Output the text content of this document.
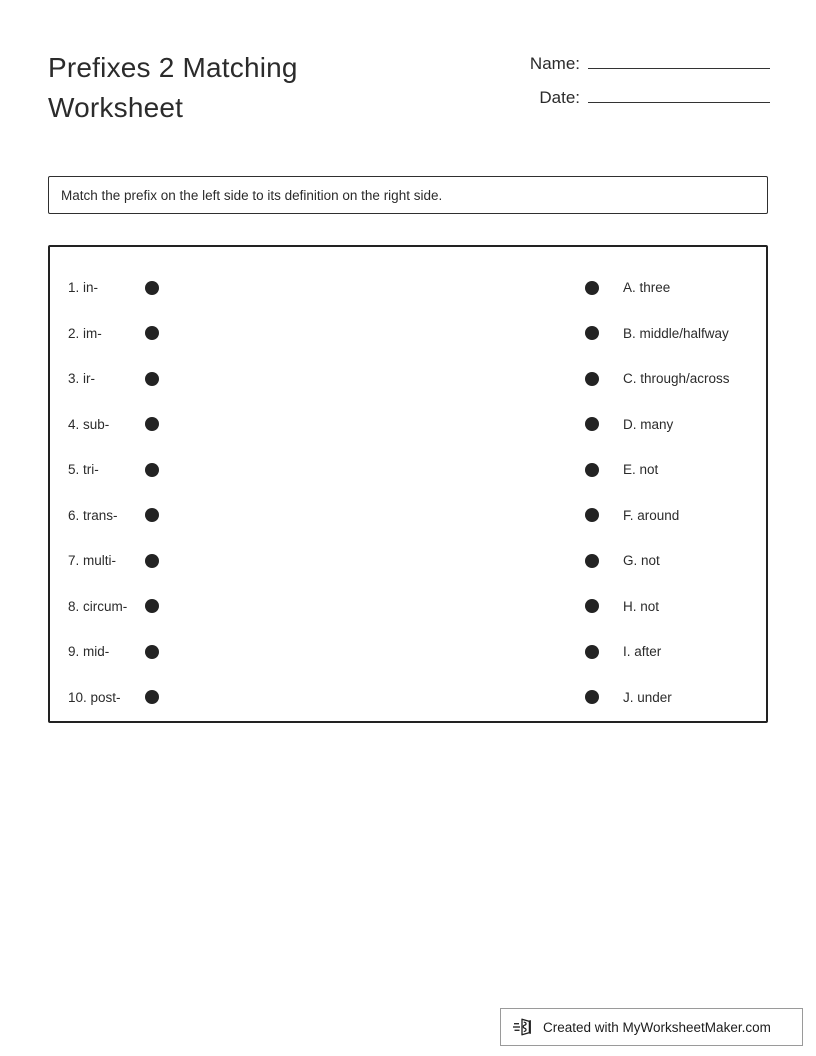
Prefixes 2 Matching
Worksheet
Name:
Date:
Match the prefix on the left side to its definition on the right side.
1. in-	A. three
2. im-	B. middle/halfway
3. ir-	C. through/across
4. sub-	D. many
5. tri-	E. not
6. trans-	F. around
7. multi-	G. not
8. circum-	H. not
9. mid-	I. after
10. post-	J. under
Created with MyWorksheetMaker.com
